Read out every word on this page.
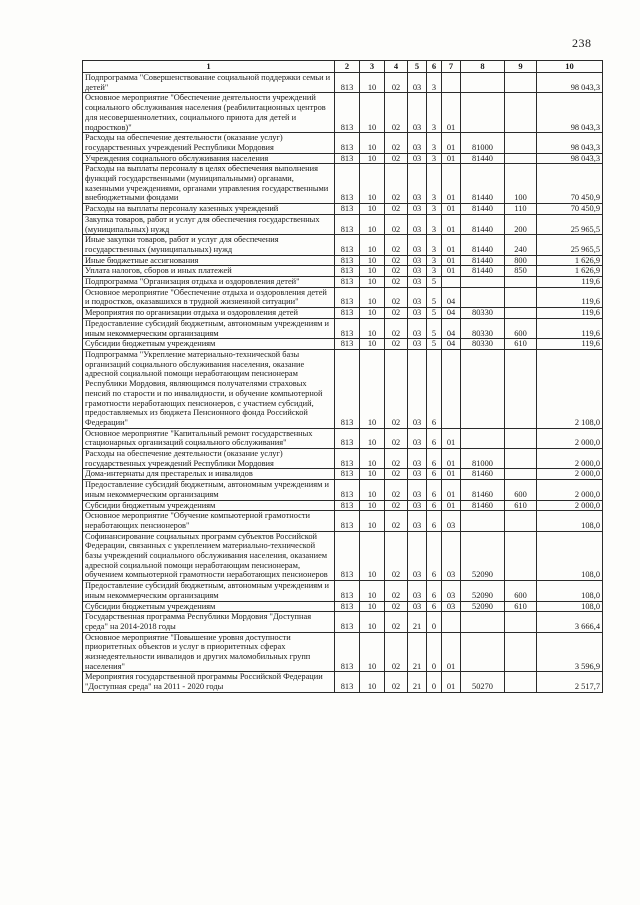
238
1	2	3	4	5	6	7	8	9	10
Подпрограмма "Совершенствование социальной поддержки семьи и детей"	813	10	02	03	3				98 043,3
Основное мероприятие "Обеспечение деятельности учреждений социального обслуживания населения (реабилитационных центров для несовершеннолетних, социального приюта для детей и подростков)"	813	10	02	03	3	01			98 043,3
Расходы на обеспечение деятельности (оказание услуг) государственных учреждений Республики Мордовия	813	10	02	03	3	01	81000		98 043,3
Учреждения социального обслуживания населения	813	10	02	03	3	01	81440		98 043,3
Расходы на выплаты персоналу в целях обеспечения выполнения функций государственными (муниципальными) органами, казенными учреждениями, органами управления государственными внебюджетными фондами	813	10	02	03	3	01	81440	100	70 450,9
Расходы на выплаты персоналу казенных учреждений	813	10	02	03	3	01	81440	110	70 450,9
Закупка товаров, работ и услуг для обеспечения государственных (муниципальных) нужд	813	10	02	03	3	01	81440	200	25 965,5
Иные закупки товаров, работ и услуг для обеспечения государственных (муниципальных) нужд	813	10	02	03	3	01	81440	240	25 965,5
Иные бюджетные ассигнования	813	10	02	03	3	01	81440	800	1 626,9
Уплата налогов, сборов и иных платежей	813	10	02	03	3	01	81440	850	1 626,9
Подпрограмма "Организация отдыха и оздоровления детей"	813	10	02	03	5				119,6
Основное мероприятие "Обеспечение отдыха и оздоровления детей и подростков, оказавшихся в трудной жизненной ситуации"	813	10	02	03	5	04			119,6
Мероприятия по организации отдыха и оздоровления детей	813	10	02	03	5	04	80330		119,6
Предоставление субсидий бюджетным, автономным учреждениям и иным некоммерческим организациям	813	10	02	03	5	04	80330	600	119,6
Субсидии бюджетным учреждениям	813	10	02	03	5	04	80330	610	119,6
Подпрограмма "Укрепление материально-технической базы организаций социального обслуживания населения, оказание адресной социальной помощи неработающим пенсионерам Республики Мордовия, являющимся получателями страховых пенсий по старости и по инвалидности, и обучение компьютерной грамотности неработающих пенсионеров, с участием субсидий, предоставляемых из бюджета Пенсионного фонда Российской Федерации"	813	10	02	03	6				2 108,0
Основное мероприятие "Капитальный ремонт государственных стационарных организаций социального обслуживания"	813	10	02	03	6	01			2 000,0
Расходы на обеспечение деятельности (оказание услуг) государственных учреждений Республики Мордовия	813	10	02	03	6	01	81000		2 000,0
Дома-интернаты для престарелых и инвалидов	813	10	02	03	6	01	81460		2 000,0
Предоставление субсидий бюджетным, автономным учреждениям и иным некоммерческим организациям	813	10	02	03	6	01	81460	600	2 000,0
Субсидии бюджетным учреждениям	813	10	02	03	6	01	81460	610	2 000,0
Основное мероприятие "Обучение компьютерной грамотности неработающих пенсионеров"	813	10	02	03	6	03			108,0
Софинансирование социальных программ субъектов Российской Федерации, связанных с укреплением материально-технической базы учреждений социального обслуживания населения, оказанием адресной социальной помощи неработающим пенсионерам, обучением компьютерной грамотности неработающих пенсионеров	813	10	02	03	6	03	52090		108,0
Предоставление субсидий бюджетным, автономным учреждениям и иным некоммерческим организациям	813	10	02	03	6	03	52090	600	108,0
Субсидии бюджетным учреждениям	813	10	02	03	6	03	52090	610	108,0
Государственная программа Республики Мордовия "Доступная среда" на 2014-2018 годы	813	10	02	21	0				3 666,4
Основное мероприятие "Повышение уровня доступности приоритетных объектов и услуг в приоритетных сферах жизнедеятельности инвалидов и других маломобильных групп населения"	813	10	02	21	0	01			3 596,9
Мероприятия государственной программы Российской Федерации "Доступная среда" на 2011 - 2020 годы	813	10	02	21	0	01	50270		2 517,7
